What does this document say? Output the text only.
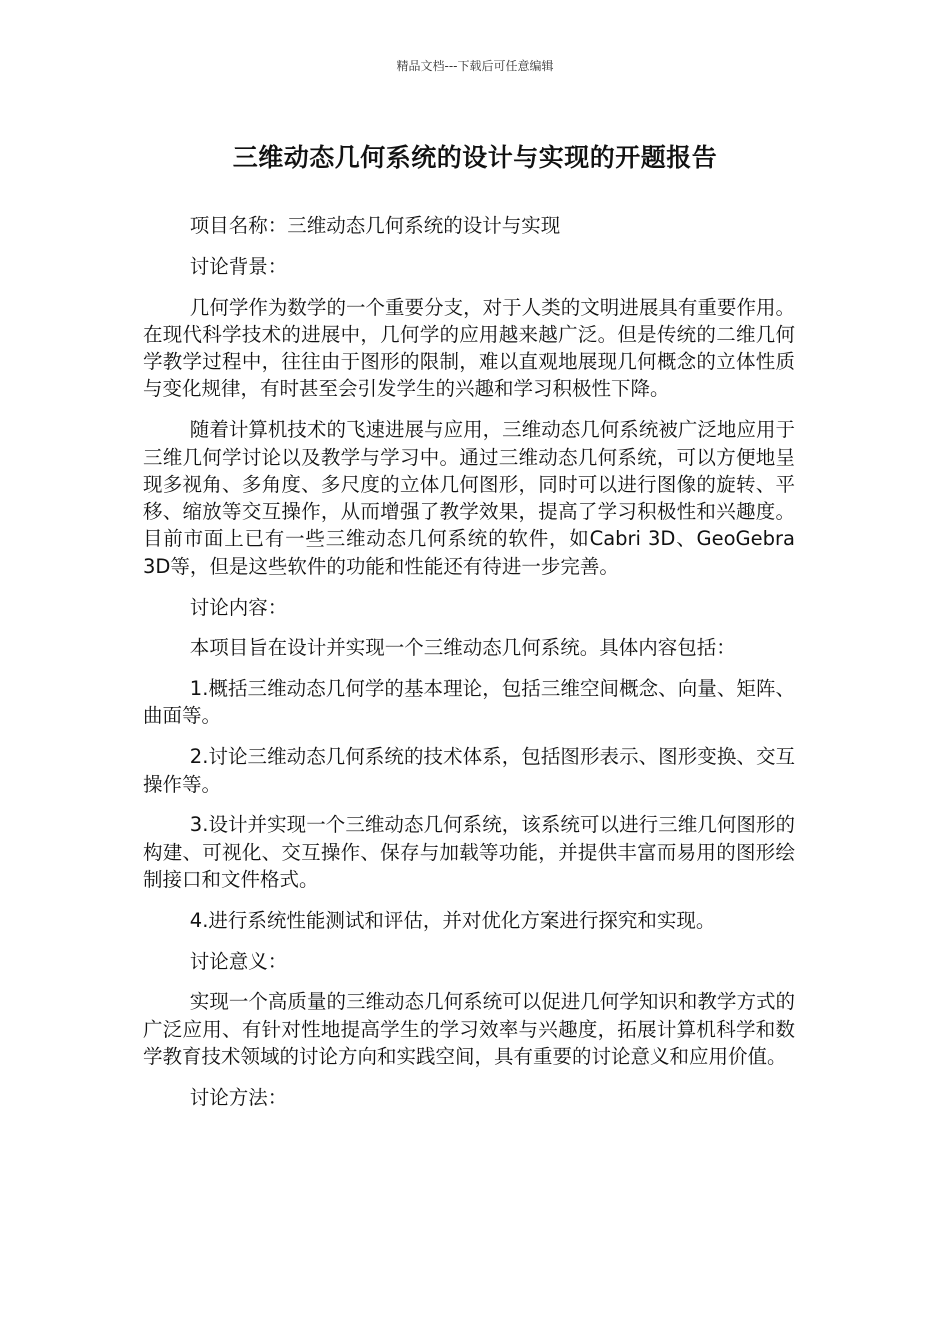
精品文档---下载后可任意编辑
三维动态几何系统的设计与实现的开题报告

项目名称：三维动态几何系统的设计与实现

讨论背景：

几何学作为数学的一个重要分支，对于人类的文明进展具有重要作用。在现代科学技术的进展中，几何学的应用越来越广泛。但是传统的二维几何学教学过程中，往往由于图形的限制，难以直观地展现几何概念的立体性质与变化规律，有时甚至会引发学生的兴趣和学习积极性下降。

随着计算机技术的飞速进展与应用，三维动态几何系统被广泛地应用于三维几何学讨论以及教学与学习中。通过三维动态几何系统，可以方便地呈现多视角、多角度、多尺度的立体几何图形，同时可以进行图像的旋转、平移、缩放等交互操作，从而增强了教学效果，提高了学习积极性和兴趣度。目前市面上已有一些三维动态几何系统的软件，如Cabri 3D、GeoGebra 3D等，但是这些软件的功能和性能还有待进一步完善。

讨论内容：

本项目旨在设计并实现一个三维动态几何系统。具体内容包括：

1.概括三维动态几何学的基本理论，包括三维空间概念、向量、矩阵、曲面等。

2.讨论三维动态几何系统的技术体系，包括图形表示、图形变换、交互操作等。

3.设计并实现一个三维动态几何系统，该系统可以进行三维几何图形的构建、可视化、交互操作、保存与加载等功能，并提供丰富而易用的图形绘制接口和文件格式。

4.进行系统性能测试和评估，并对优化方案进行探究和实现。

讨论意义：

实现一个高质量的三维动态几何系统可以促进几何学知识和教学方式的广泛应用、有针对性地提高学生的学习效率与兴趣度，拓展计算机科学和数学教育技术领域的讨论方向和实践空间，具有重要的讨论意义和应用价值。

讨论方法：
